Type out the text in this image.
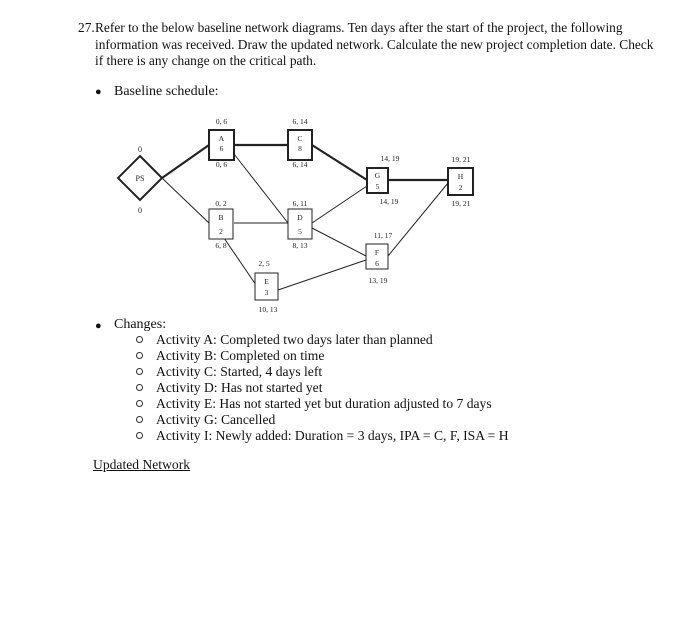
27. Refer to the below baseline network diagrams. Ten days after the start of the project, the following information was received. Draw the updated network. Calculate the new project completion date. Check if there is any change on the critical path.
● Baseline schedule:
PS
0
0
A
6
0, 6
0, 6
C
8
6, 14
6, 14
B
2
0, 2
6, 8
D
5
6, 11
8, 13
E
3
2, 5
10, 13
G
5
14, 19
14, 19
F
6
11, 17
13, 19
H
2
19, 21
19, 21
● Changes:
Activity A: Completed two days later than planned
Activity B: Completed on time
Activity C: Started, 4 days left
Activity D: Has not started yet
Activity E: Has not started yet but duration adjusted to 7 days
Activity G: Cancelled
Activity I: Newly added: Duration = 3 days, IPA = C, F, ISA = H
Updated Network
